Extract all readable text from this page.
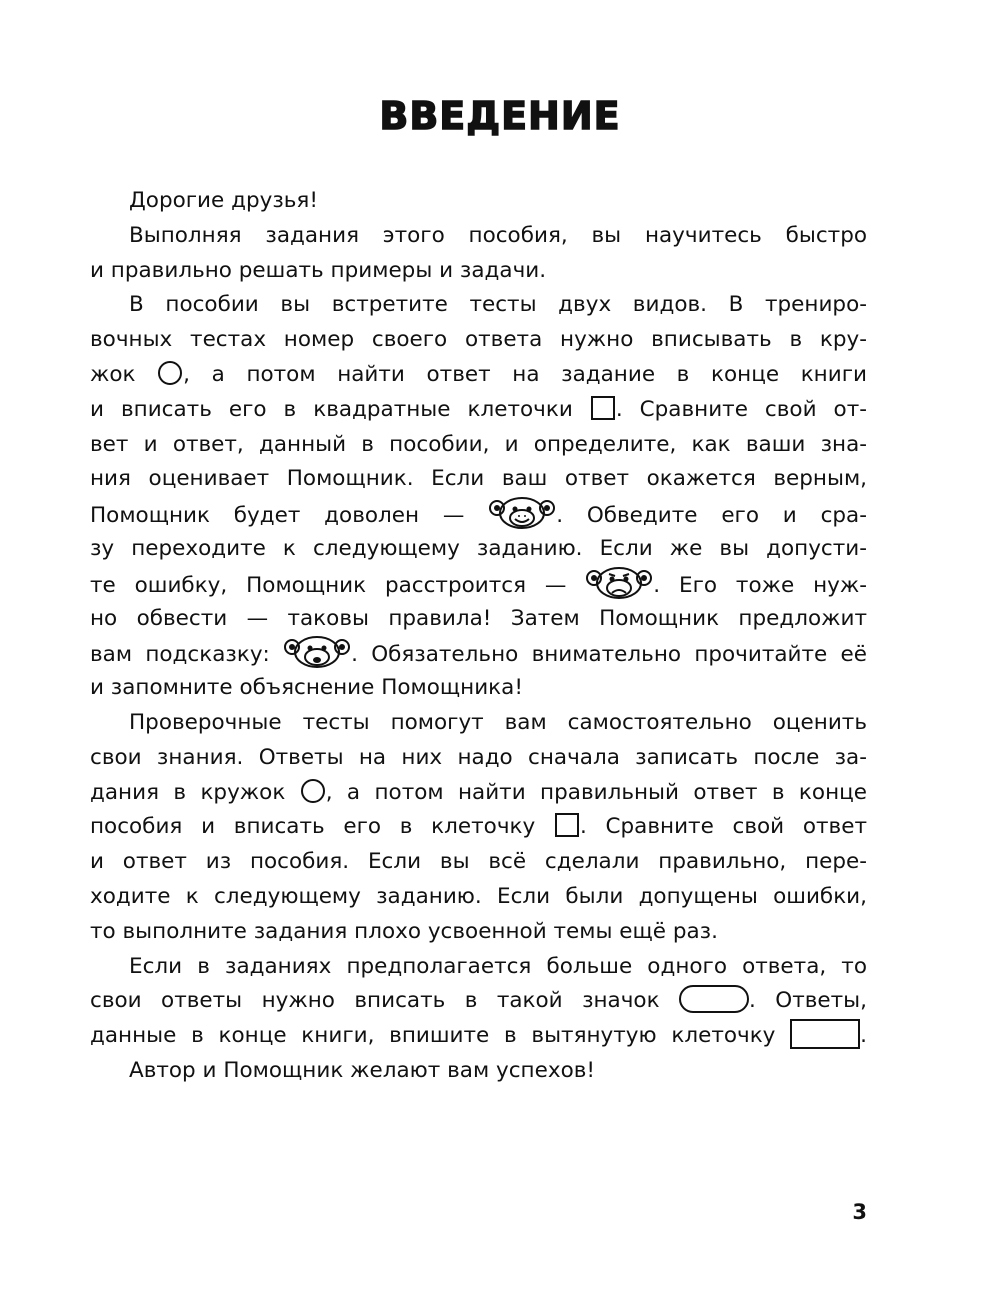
ВВЕДЕНИЕ
Дорогие друзья!
Выполняя задания этого пособия, вы научитесь быстро
и правильно решать примеры и задачи.
В пособии вы встретите тесты двух видов. В трениро-
вочных тестах номер своего ответа нужно вписывать в кру-
жок , а потом найти ответ на задание в конце книги
и вписать его в квадратные клеточки . Сравните свой от-
вет и ответ, данный в пособии, и определите, как ваши зна-
ния оценивает Помощник. Если ваш ответ окажется верным,
Помощник будет доволен —	. Обведите его и сра-
зу переходите к следующему заданию. Если же вы допусти-
те ошибку, Помощник расстроится —	. Его тоже нуж-
но обвести — таковы правила! Затем Помощник предложит
вам подсказку:	. Обязательно внимательно прочитайте её
и запомните объяснение Помощника!
Проверочные тесты помогут вам самостоятельно оценить
свои знания. Ответы на них надо сначала записать после за-
дания в кружок , а потом найти правильный ответ в конце
пособия и вписать его в клеточку . Сравните свой ответ
и ответ из пособия. Если вы всё сделали правильно, пере-
ходите к следующему заданию. Если были допущены ошибки,
то выполните задания плохо усвоенной темы ещё раз.
Если в заданиях предполагается больше одного ответа, то
свои ответы нужно вписать в такой значок	. Ответы,
данные в конце книги, впишите в вытянутую клеточку	.
Автор и Помощник желают вам успехов!
3
